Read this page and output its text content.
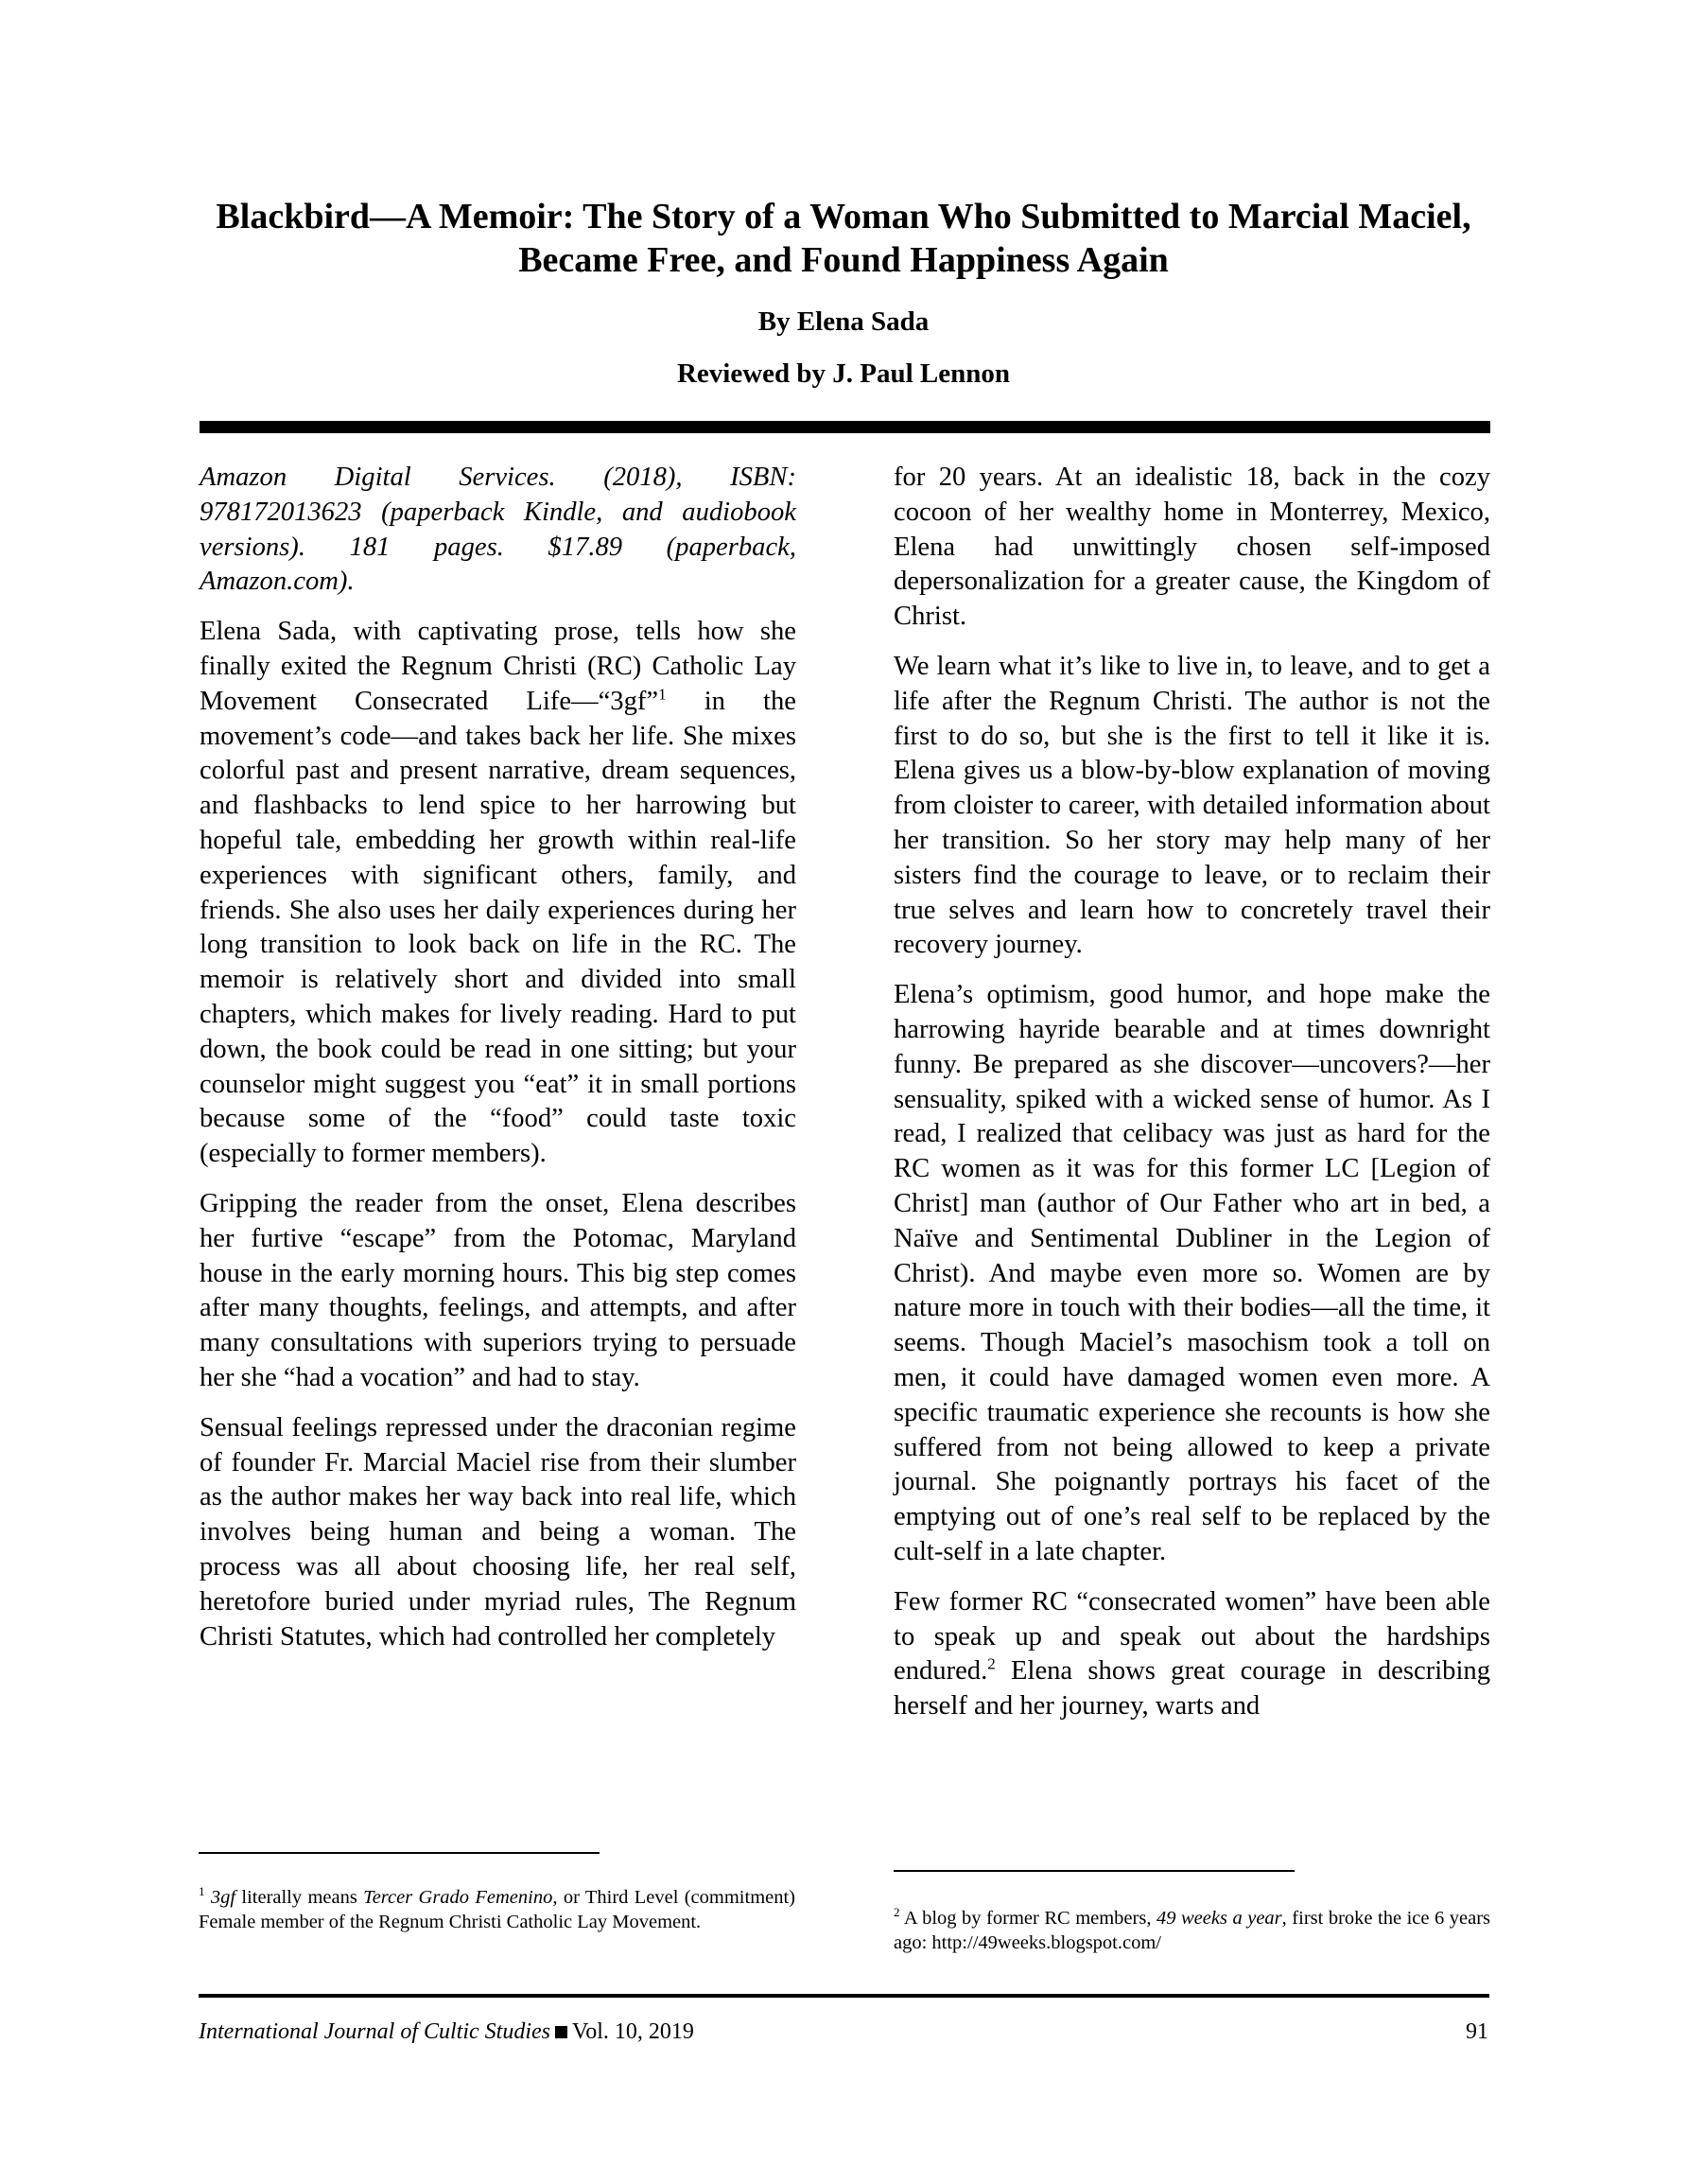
Blackbird—A Memoir: The Story of a Woman Who Submitted to Marcial Maciel, Became Free, and Found Happiness Again
By Elena Sada
Reviewed by J. Paul Lennon

Amazon Digital Services. (2018), ISBN: 978172013623 (paperback Kindle, and audiobook versions). 181 pages. $17.89 (paperback, Amazon.com).

Elena Sada, with captivating prose, tells how she finally exited the Regnum Christi (RC) Catholic Lay Movement Consecrated Life—“3gf”$^1$ in the movement’s code—and takes back her life. She mixes colorful past and present narrative, dream sequences, and flashbacks to lend spice to her harrowing but hopeful tale, embedding her growth within real-life experiences with significant others, family, and friends. She also uses her daily experiences during her long transition to look back on life in the RC. The memoir is relatively short and divided into small chapters, which makes for lively reading. Hard to put down, the book could be read in one sitting; but your counselor might suggest you “eat” it in small portions because some of the “food” could taste toxic (especially to former members).

Gripping the reader from the onset, Elena describes her furtive “escape” from the Potomac, Maryland house in the early morning hours. This big step comes after many thoughts, feelings, and attempts, and after many consultations with superiors trying to persuade her she “had a vocation” and had to stay.

Sensual feelings repressed under the draconian regime of founder Fr. Marcial Maciel rise from their slumber as the author makes her way back into real life, which involves being human and being a woman. The process was all about choosing life, her real self, heretofore buried under myriad rules, The Regnum Christi Statutes, which had controlled her completely

for 20 years. At an idealistic 18, back in the cozy cocoon of her wealthy home in Monterrey, Mexico, Elena had unwittingly chosen self-imposed depersonalization for a greater cause, the Kingdom of Christ.

We learn what it’s like to live in, to leave, and to get a life after the Regnum Christi. The author is not the first to do so, but she is the first to tell it like it is. Elena gives us a blow-by-blow explanation of moving from cloister to career, with detailed information about her transition. So her story may help many of her sisters find the courage to leave, or to reclaim their true selves and learn how to concretely travel their recovery journey.

Elena’s optimism, good humor, and hope make the harrowing hayride bearable and at times downright funny. Be prepared as she discover—uncovers?—her sensuality, spiked with a wicked sense of humor. As I read, I realized that celibacy was just as hard for the RC women as it was for this former LC [Legion of Christ] man (author of Our Father who art in bed, a Naïve and Sentimental Dubliner in the Legion of Christ). And maybe even more so. Women are by nature more in touch with their bodies—all the time, it seems. Though Maciel’s masochism took a toll on men, it could have damaged women even more. A specific traumatic experience she recounts is how she suffered from not being allowed to keep a private journal. She poignantly portrays his facet of the emptying out of one’s real self to be replaced by the cult-self in a late chapter.

Few former RC “consecrated women” have been able to speak up and speak out about the hardships endured.$^2$ Elena shows great courage in describing herself and her journey, warts and

$^1$ 3gf literally means Tercer Grado Femenino, or Third Level (commitment) Female member of the Regnum Christi Catholic Lay Movement.	$^2$ A blog by former RC members, 49 weeks a year, first broke the ice 6 years ago: http://49weeks.blogspot.com/

International Journal of Cultic Studies Vol. 10, 2019	91
